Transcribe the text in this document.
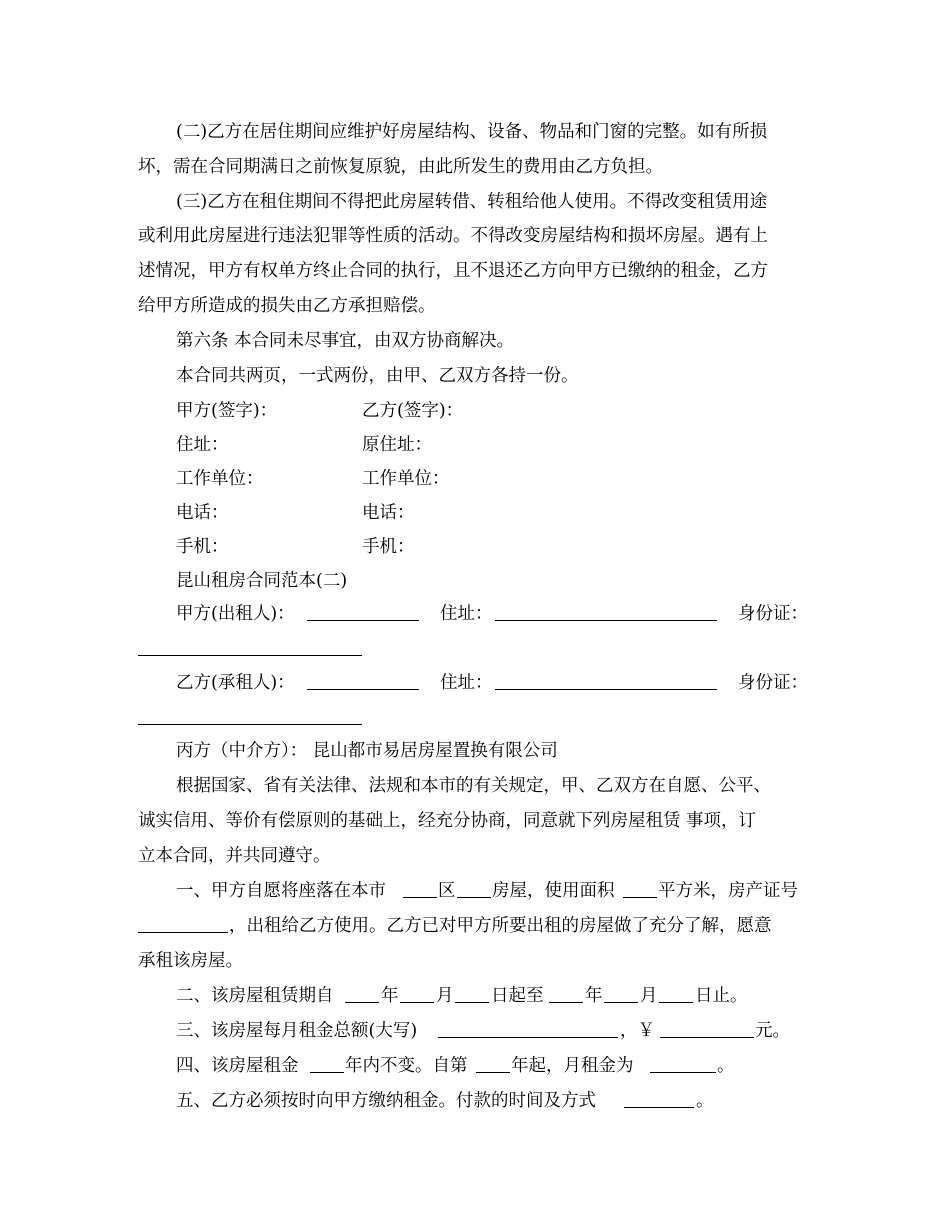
(二)乙方在居住期间应维护好房屋结构、设备、物品和门窗的完整。如有所损
坏，需在合同期满日之前恢复原貌，由此所发生的费用由乙方负担。
(三)乙方在租住期间不得把此房屋转借、转租给他人使用。不得改变租赁用途
或利用此房屋进行违法犯罪等性质的活动。不得改变房屋结构和损坏房屋。遇有上
述情况，甲方有权单方终止合同的执行，且不退还乙方向甲方已缴纳的租金，乙方
给甲方所造成的损失由乙方承担赔偿。
第六条 本合同未尽事宜，由双方协商解决。
本合同共两页，一式两份，由甲、乙双方各持一份。
甲方(签字)：	乙方(签字)：
住址：	原住址：
工作单位：	工作单位：
电话：	电话：
手机：	手机：
昆山租房合同范本(二)
甲方(出租人)：	住址：	身份证：
乙方(承租人)：	住址：	身份证：
丙方（中介方）： 昆山都市易居房屋置换有限公司
根据国家、省有关法律、法规和本市的有关规定，甲、乙双方在自愿、公平、
诚实信用、等价有偿原则的基础上，经充分协商，同意就下列房屋租赁 事项，订
立本合同，并共同遵守。
一、甲方自愿将座落在本市	区 房屋，使用面积 平方米，房产证号
，出租给乙方使用。乙方已对甲方所要出租的房屋做了充分了解，愿意
承租该房屋。
二、该房屋租赁期自	年 月 日起至 年 月 日止。
三、该房屋每月租金总额(大写)	，￥	元。
四、该房屋租金	年内不变。自第 年起，月租金为	。
五、乙方必须按时向甲方缴纳租金。付款的时间及方式	。
